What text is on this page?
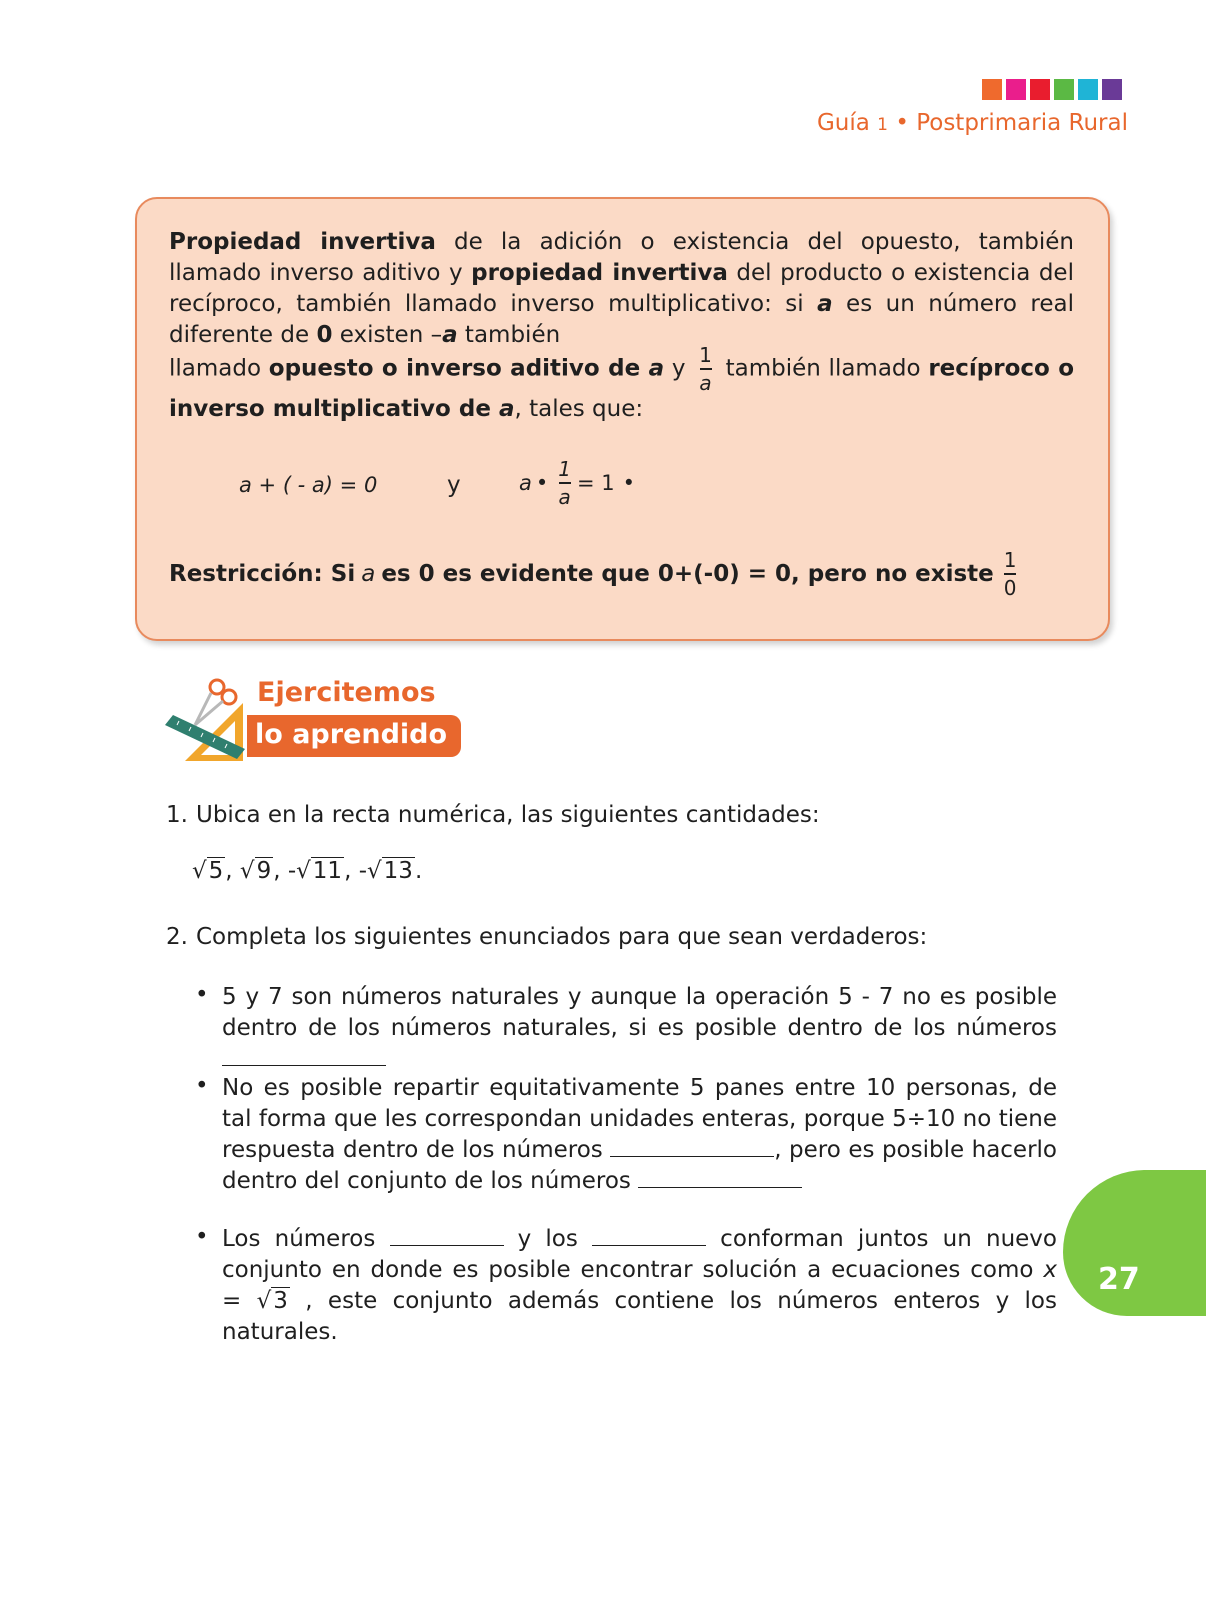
Guía 1 • Postprimaria Rural

Propiedad invertiva de la adición o existencia del opuesto, también llamado inverso aditivo y propiedad invertiva del producto o existencia del recíproco, también llamado inverso multiplicativo: si a es un número real diferente de 0 existen –a también

llamado opuesto o inverso aditivo de a y $\frac{1}{a}$ también llamado recíproco o inverso multiplicativo de a, tales que:

a + ( - a) = 0	y	a • $\frac{1}{a} = 1$ •
Restricción: Si a es 0 es evidente que 0+(-0) = 0, pero no existe $\frac{1}{0}$
Ejercitemos
lo aprendido
1. Ubica en la recta numérica, las siguientes cantidades:
√5, √9, -√11, -√13.
2. Completa los siguientes enunciados para que sean verdaderos:
• 5 y 7 son números naturales y aunque la operación 5 - 7 no es posible dentro de los números naturales, si es posible dentro de los números

• No es posible repartir equitativamente 5 panes entre 10 personas, de tal forma que les correspondan unidades enteras, porque 5÷10 no tiene respuesta dentro de los números	, pero es posible hacerlo dentro del conjunto de los números

• Los números	y los	conforman juntos un nuevo conjunto en donde es posible encontrar solución a ecuaciones como x = √3 , este conjunto además contiene los números enteros y los naturales.

27
